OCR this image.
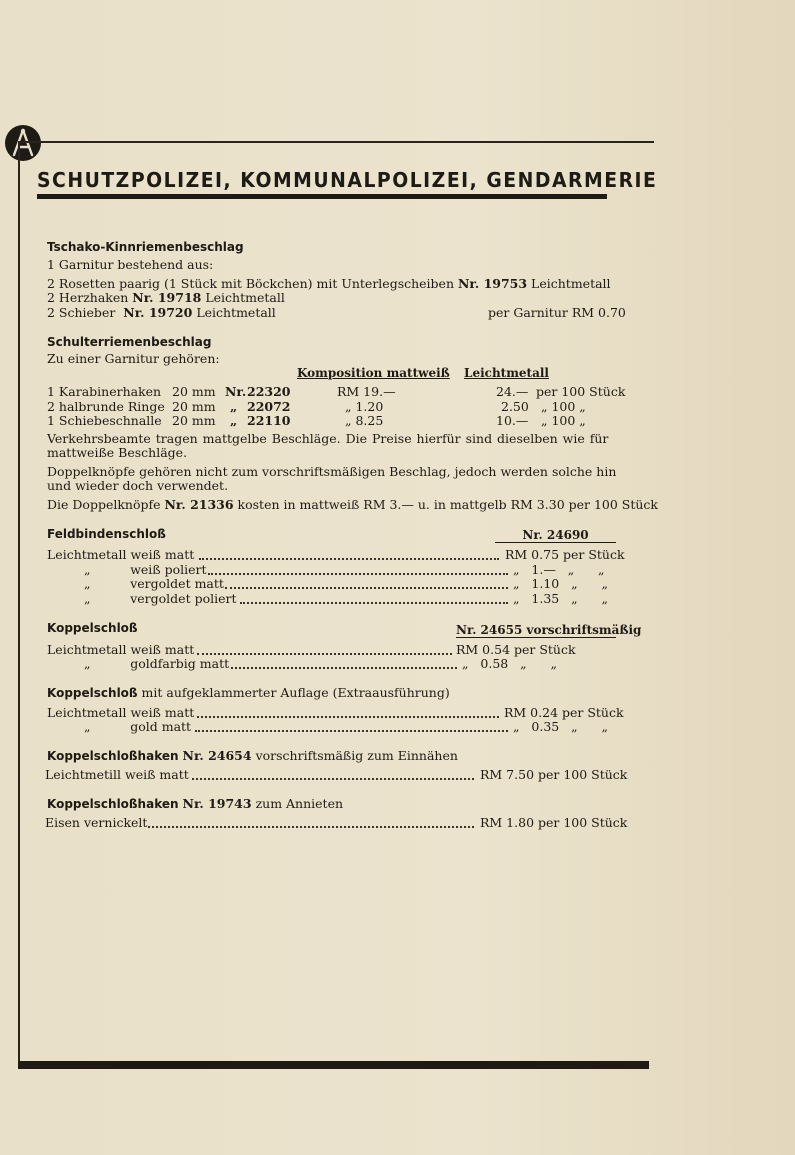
SCHUTZPOLIZEI, KOMMUNALPOLIZEI, GENDARMERIE
Tschako-Kinnriemenbeschlag
1 Garnitur bestehend aus:
2 Rosetten paarig (1 Stück mit Böckchen) mit Unterlegscheiben Nr. 19753 Leichtmetall
2 Herzhaken Nr. 19718 Leichtmetall
2 Schieber Nr. 19720 Leichtmetall	per Garnitur RM 0.70
Schulterriemenbeschlag
Zu einer Garnitur gehören:
Komposition mattweiß Leichtmetall
1 Karabinerhaken 20 mm Nr. 22320	RM 19.—	24.— per 100 Stück
2 halbrunde Ringe 20 mm „ 22072	„ 1.20	2.50 „ 100 „
1 Schiebeschnalle 20 mm „ 22110	„ 8.25	10.— „ 100 „
Verkehrsbeamte tragen mattgelbe Beschläge. Die Preise hierfür sind dieselben wie für
mattweiße Beschläge.
Doppelknöpfe gehören nicht zum vorschriftsmäßigen Beschlag, jedoch werden solche hin
und wieder doch verwendet.
Die Doppelknöpfe Nr. 21336 kosten in mattweiß RM 3.— u. in mattgelb RM 3.30 per 100 Stück
Feldbindenschloß	Nr. 24690
Leichtmetall weiß matt	RM 0.75 per Stück
„          weiß poliert	„   1.—   „      „
„          vergoldet matt	„   1.10   „      „
„          vergoldet poliert	„   1.35   „      „
Koppelschloß	Nr. 24655 vorschriftsmäßig
Leichtmetall weiß matt	RM 0.54 per Stück
„          goldfarbig matt	„   0.58   „      „
Koppelschloß mit aufgeklammerter Auflage (Extraausführung)
Leichtmetall weiß matt	RM 0.24 per Stück
„          gold matt	„   0.35   „      „
Koppelschloßhaken Nr. 24654 vorschriftsmäßig zum Einnähen
Leichtmetill weiß matt	RM 7.50 per 100 Stück
Koppelschloßhaken Nr. 19743 zum Annieten
Eisen vernickelt	RM 1.80 per 100 Stück
